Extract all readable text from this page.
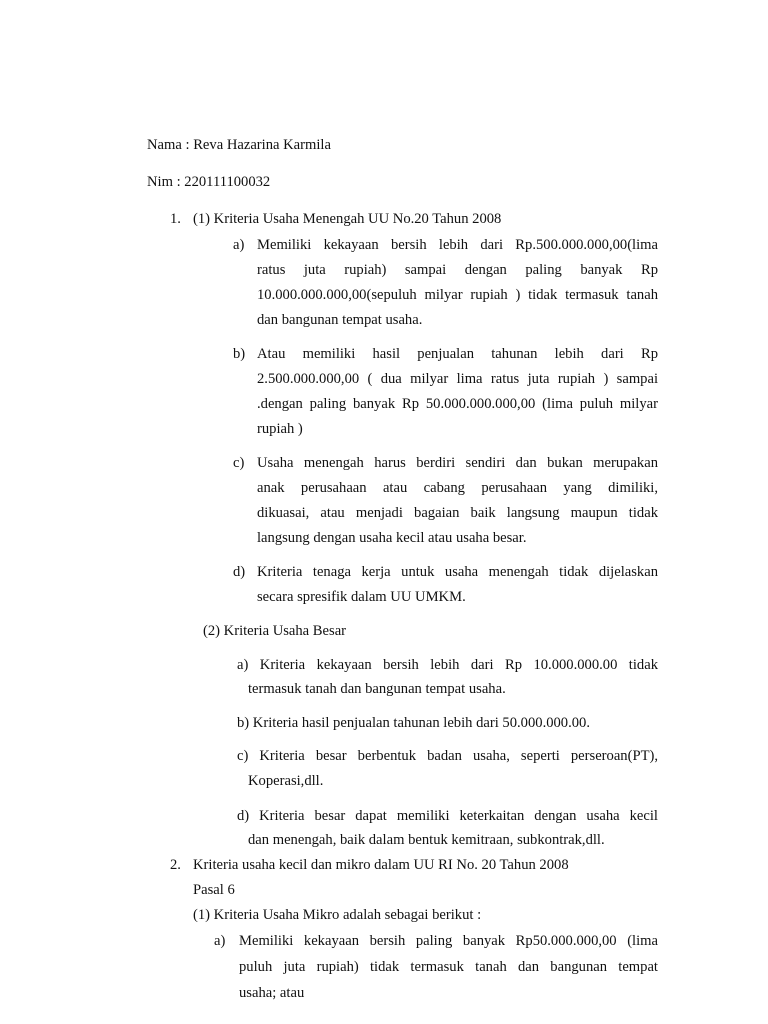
Nama : Reva Hazarina Karmila
Nim : 220111100032
1. (1) Kriteria Usaha Menengah UU No.20 Tahun 2008
a) Memiliki kekayaan bersih lebih dari Rp.500.000.000,00(lima
ratus juta rupiah) sampai dengan paling banyak Rp
10.000.000.000,00(sepuluh milyar rupiah ) tidak termasuk tanah
dan bangunan tempat usaha.
b) Atau memiliki hasil penjualan tahunan lebih dari Rp
2.500.000.000,00 ( dua milyar lima ratus juta rupiah ) sampai
.dengan paling banyak Rp 50.000.000.000,00 (lima puluh milyar
rupiah )
c) Usaha menengah harus berdiri sendiri dan bukan merupakan
anak perusahaan atau cabang perusahaan yang dimiliki,
dikuasai, atau menjadi bagaian baik langsung maupun tidak
langsung dengan usaha kecil atau usaha besar.
d) Kriteria tenaga kerja untuk usaha menengah tidak dijelaskan
secara spresifik dalam UU UMKM.
(2) Kriteria Usaha Besar
a) Kriteria kekayaan bersih lebih dari Rp 10.000.000.00 tidak
termasuk tanah dan bangunan tempat usaha.
b) Kriteria hasil penjualan tahunan lebih dari 50.000.000.00.
c) Kriteria besar berbentuk badan usaha, seperti perseroan(PT),
Koperasi,dll.
d) Kriteria besar dapat memiliki keterkaitan dengan usaha kecil
dan menengah, baik dalam bentuk kemitraan, subkontrak,dll.
2. Kriteria usaha kecil dan mikro dalam UU RI No. 20 Tahun 2008
Pasal 6
(1) Kriteria Usaha Mikro adalah sebagai berikut :
a) Memiliki kekayaan bersih paling banyak Rp50.000.000,00 (lima
puluh juta rupiah) tidak termasuk tanah dan bangunan tempat
usaha; atau
